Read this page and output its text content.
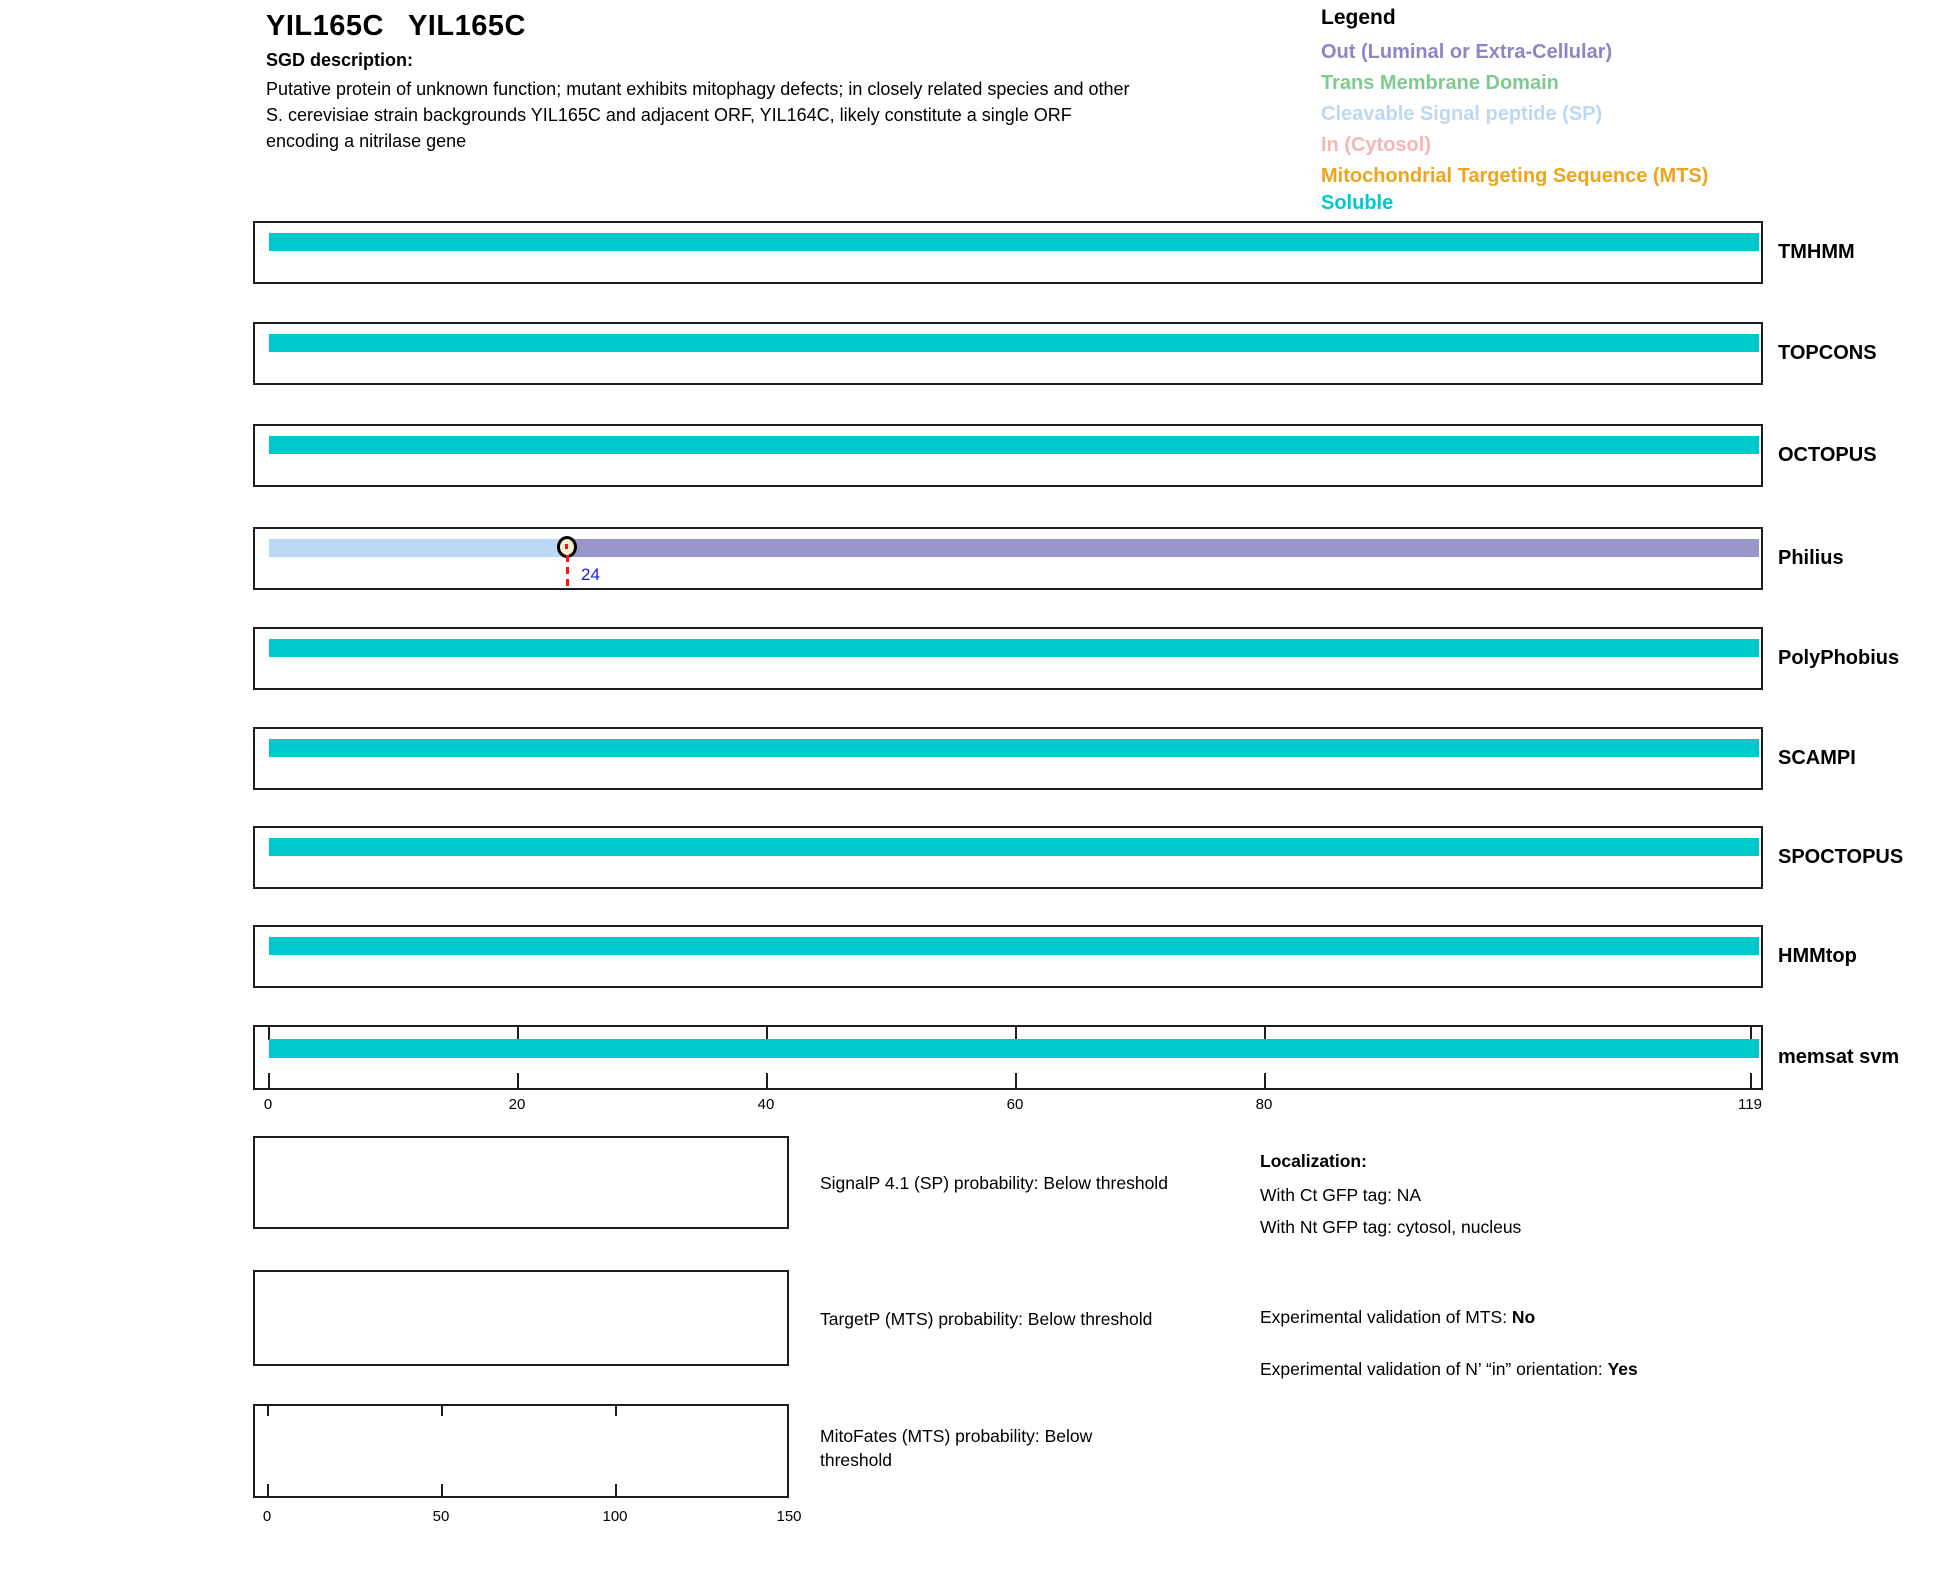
YIL165C YIL165C
SGD description:
Putative protein of unknown function; mutant exhibits mitophagy defects; in closely related species and other
S. cerevisiae strain backgrounds YIL165C and adjacent ORF, YIL164C, likely constitute a single ORF
encoding a nitrilase gene
Legend
Out (Luminal or Extra-Cellular)
Trans Membrane Domain
Cleavable Signal peptide (SP)
In (Cytosol)
Mitochondrial Targeting Sequence (MTS)
Soluble
TMHMM
TOPCONS
OCTOPUS
24
Philius
PolyPhobius
SCAMPI
SPOCTOPUS
HMMtop
memsat svm
0	20	40	60	80	119
SignalP 4.1 (SP) probability: Below threshold
TargetP (MTS) probability: Below threshold
MitoFates (MTS) probability: Below
threshold
0	50	100	150
Localization:
With Ct GFP tag: NA
With Nt GFP tag: cytosol, nucleus
Experimental validation of MTS: No
Experimental validation of N’ “in” orientation: Yes
